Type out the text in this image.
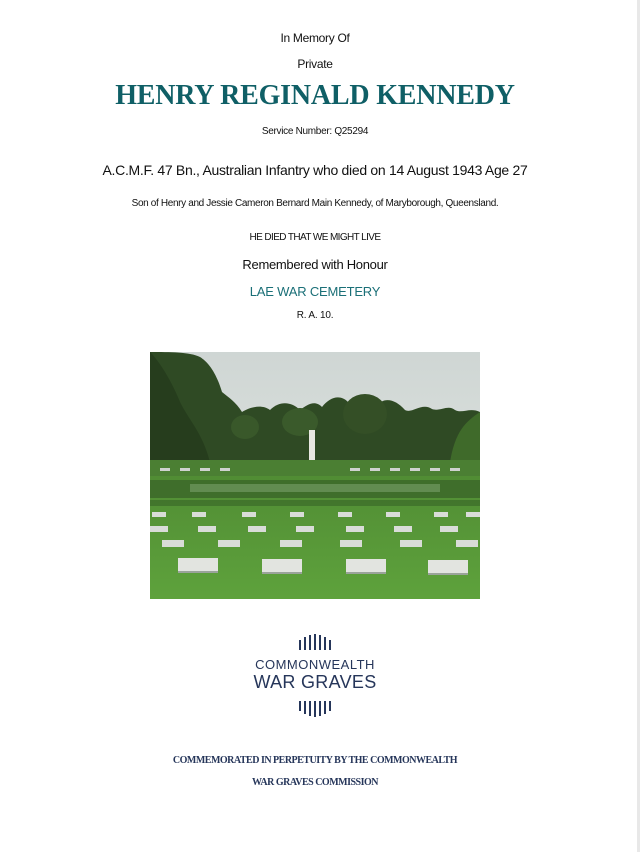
In Memory Of
Private
HENRY REGINALD KENNEDY
Service Number: Q25294
A.C.M.F. 47 Bn., Australian Infantry who died on 14 August 1943 Age 27
Son of Henry and Jessie Cameron Bernard Main Kennedy, of Maryborough, Queensland.
HE DIED THAT WE MIGHT LIVE
Remembered with Honour
LAE WAR CEMETERY
R. A. 10.
COMMONWEALTH
WAR GRAVES
COMMEMORATED IN PERPETUITY BY THE COMMONWEALTH
WAR GRAVES COMMISSION
